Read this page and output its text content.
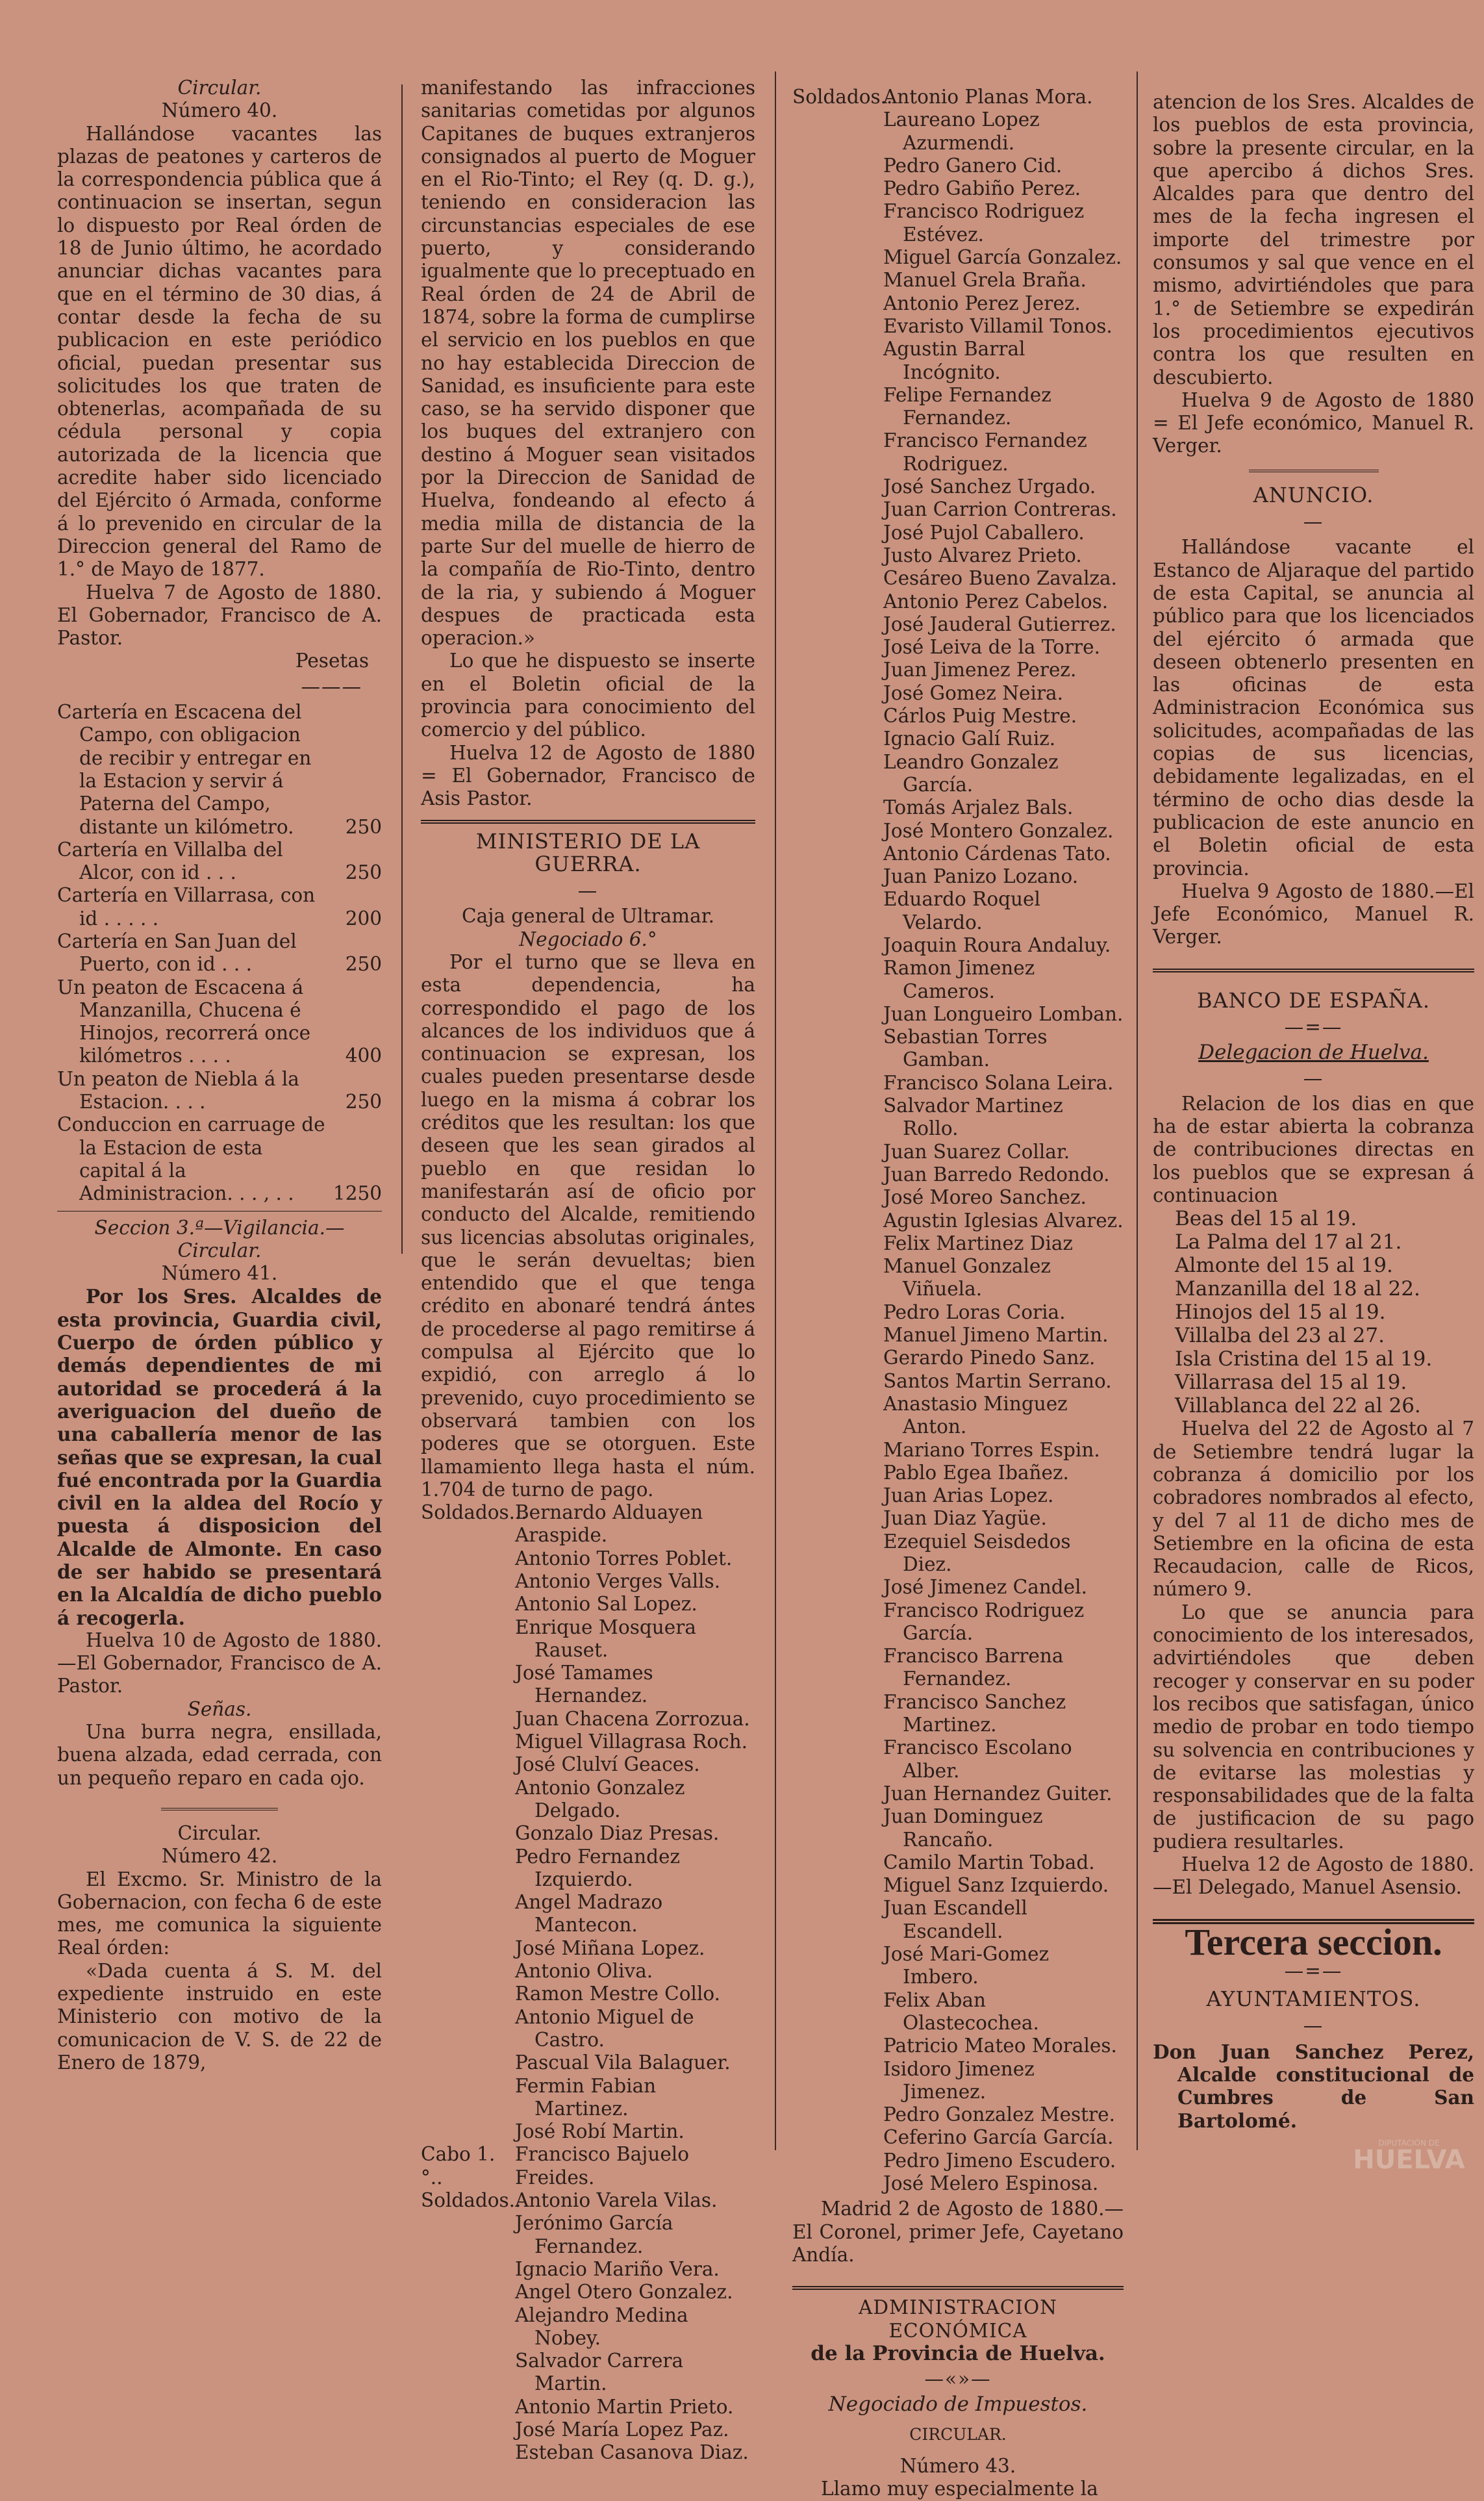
Circular.

Número 40.

Hallándose vacantes las plazas de peatones y carteros de la correspondencia pública que á continuacion se insertan, segun lo dispuesto por Real órden de 18 de Junio último, he acordado anunciar dichas vacantes para que en el término de 30 dias, á contar desde la fecha de su publicacion en este periódico oficial, puedan presentar sus solicitudes los que traten de obtenerlas, acompañada de su cédula personal y copia autorizada de la licencia que acredite haber sido licenciado del Ejército ó Armada, conforme á lo prevenido en circular de la Direccion general del Ramo de 1.° de Mayo de 1877.

Huelva 7 de Agosto de 1880. El Gobernador, Francisco de A. Pastor.

Pesetas

———
Cartería en Escacena del Campo, con obligacion de recibir y entregar en la Estacion y servir á Paterna del Campo, distante un kilómetro.	250
Cartería en Villalba del Alcor, con id . . .	250
Cartería en Villarrasa, con id . . . . .	200
Cartería en San Juan del Puerto, con id . . .	250
Un peaton de Escacena á Manzanilla, Chucena é Hinojos, recorrerá once kilómetros . . . .	400
Un peaton de Niebla á la Estacion. . . .	250
Conduccion en carruage de la Estacion de esta capital á la Administracion. . . , . .	1250

Seccion 3.ª—Vigilancia.—Circular.

Número 41.

Por los Sres. Alcaldes de esta provincia, Guardia civil, Cuerpo de órden público y demás dependientes de mi autoridad se procederá á la averiguacion del dueño de una caballería menor de las señas que se expresan, la cual fué encontrada por la Guardia civil en la aldea del Rocío y puesta á disposicion del Alcalde de Almonte. En caso de ser habido se presentará en la Alcaldía de dicho pueblo á recogerla.

Huelva 10 de Agosto de 1880. —El Gobernador, Francisco de A. Pastor.

Señas.

Una burra negra, ensillada, buena alzada, edad cerrada, con un pequeño reparo en cada ojo.

Circular.

Número 42.

El Excmo. Sr. Ministro de la Gobernacion, con fecha 6 de este mes, me comunica la siguiente Real órden:

«Dada cuenta á S. M. del expediente instruido en este Ministerio con motivo de la comunicacion de V. S. de 22 de Enero de 1879,

manifestando las infracciones sanitarias cometidas por algunos Capitanes de buques extranjeros consignados al puerto de Moguer en el Rio-Tinto; el Rey (q. D. g.), teniendo en consideracion las circunstancias especiales de ese puerto, y considerando igualmente que lo preceptuado en Real órden de 24 de Abril de 1874, sobre la forma de cumplirse el servicio en los pueblos en que no hay establecida Direccion de Sanidad, es insuficiente para este caso, se ha servido disponer que los buques del extranjero con destino á Moguer sean visitados por la Direccion de Sanidad de Huelva, fondeando al efecto á media milla de distancia de la parte Sur del muelle de hierro de la compañía de Rio-Tinto, dentro de la ria, y subiendo á Moguer despues de practicada esta operacion.»

Lo que he dispuesto se inserte en el Boletin oficial de la provincia para conocimiento del comercio y del público.

Huelva 12 de Agosto de 1880 = El Gobernador, Francisco de Asis Pastor.

MINISTERIO DE LA GUERRA.

—

Caja general de Ultramar.

Negociado 6.°

Por el turno que se lleva en esta dependencia, ha correspondido el pago de los alcances de los individuos que á continuacion se expresan, los cuales pueden presentarse desde luego en la misma á cobrar los créditos que les resultan: los que deseen que les sean girados al pueblo en que residan lo manifestarán así de oficio por conducto del Alcalde, remitiendo sus licencias absolutas originales, que le serán devueltas; bien entendido que el que tenga crédito en abonaré tendrá ántes de procederse al pago remitirse á compulsa al Ejército que lo expidió, con arreglo á lo prevenido, cuyo procedimiento se observará tambien con los poderes que se otorguen. Este llamamiento llega hasta el núm. 1.704 de turno de pago.

Soldados...
Bernardo Alduayen Araspide.
Antonio Torres Poblet.
Antonio Verges Valls.
Antonio Sal Lopez.
Enrique Mosquera Rauset.
José Tamames Hernandez.
Juan Chacena Zorrozua.
Miguel Villagrasa Roch.
José Clulví Geaces.
Antonio Gonzalez Delgado.
Gonzalo Diaz Presas.
Pedro Fernandez Izquierdo.
Angel Madrazo Mantecon.
José Miñana Lopez.
Antonio Oliva.
Ramon Mestre Collo.
Antonio Miguel de Castro.
Pascual Vila Balaguer.
Fermin Fabian Martinez.
José Robí Martin.
Cabo 1.°..
Francisco Bajuelo Freides.
Soldados..
Antonio Varela Vilas.
Jerónimo García Fernandez.
Ignacio Mariño Vera.
Angel Otero Gonzalez.
Alejandro Medina Nobey.
Salvador Carrera Martin.
Antonio Martin Prieto.
José María Lopez Paz.
Esteban Casanova Diaz.
Soldados..
Antonio Planas Mora.
Laureano Lopez Azurmendi.
Pedro Ganero Cid.
Pedro Gabiño Perez.
Francisco Rodriguez Estévez.
Miguel García Gonzalez.
Manuel Grela Braña.
Antonio Perez Jerez.
Evaristo Villamil Tonos.
Agustin Barral Incógnito.
Felipe Fernandez Fernandez.
Francisco Fernandez Rodriguez.
José Sanchez Urgado.
Juan Carrion Contreras.
José Pujol Caballero.
Justo Alvarez Prieto.
Cesáreo Bueno Zavalza.
Antonio Perez Cabelos.
José Jauderal Gutierrez.
José Leiva de la Torre.
Juan Jimenez Perez.
José Gomez Neira.
Cárlos Puig Mestre.
Ignacio Galí Ruiz.
Leandro Gonzalez García.
Tomás Arjalez Bals.
José Montero Gonzalez.
Antonio Cárdenas Tato.
Juan Panizo Lozano.
Eduardo Roquel Velardo.
Joaquin Roura Andaluy.
Ramon Jimenez Cameros.
Juan Longueiro Lomban.
Sebastian Torres Gamban.
Francisco Solana Leira.
Salvador Martinez Rollo.
Juan Suarez Collar.
Juan Barredo Redondo.
José Moreo Sanchez.
Agustin Iglesias Alvarez.
Felix Martinez Diaz
Manuel Gonzalez Viñuela.
Pedro Loras Coria.
Manuel Jimeno Martin.
Gerardo Pinedo Sanz.
Santos Martin Serrano.
Anastasio Minguez Anton.
Mariano Torres Espin.
Pablo Egea Ibañez.
Juan Arias Lopez.
Juan Diaz Yagüe.
Ezequiel Seisdedos Diez.
José Jimenez Candel.
Francisco Rodriguez García.
Francisco Barrena Fernandez.
Francisco Sanchez Martinez.
Francisco Escolano Alber.
Juan Hernandez Guiter.
Juan Dominguez Rancaño.
Camilo Martin Tobad.
Miguel Sanz Izquierdo.
Juan Escandell Escandell.
José Mari-Gomez Imbero.
Felix Aban Olastecochea.
Patricio Mateo Morales.
Isidoro Jimenez Jimenez.
Pedro Gonzalez Mestre.
Ceferino García García.
Pedro Jimeno Escudero.
José Melero Espinosa.

Madrid 2 de Agosto de 1880.—El Coronel, primer Jefe, Cayetano Andía.

ADMINISTRACION ECONÓMICA

de la Provincia de Huelva.

—«»—

Negociado de Impuestos.

CIRCULAR.

Número 43.

Llamo muy especialmente la

atencion de los Sres. Alcaldes de los pueblos de esta provincia, sobre la presente circular, en la que apercibo á dichos Sres. Alcaldes para que dentro del mes de la fecha ingresen el importe del trimestre por consumos y sal que vence en el mismo, advirtiéndoles que para 1.° de Setiembre se expedirán los procedimientos ejecutivos contra los que resulten en descubierto.

Huelva 9 de Agosto de 1880 = El Jefe económico, Manuel R. Verger.

ANUNCIO.

—

Hallándose vacante el Estanco de Aljaraque del partido de esta Capital, se anuncia al público para que los licenciados del ejército ó armada que deseen obtenerlo presenten en las oficinas de esta Administracion Económica sus solicitudes, acompañadas de las copias de sus licencias, debidamente legalizadas, en el término de ocho dias desde la publicacion de este anuncio en el Boletin oficial de esta provincia.

Huelva 9 Agosto de 1880.—El Jefe Económico, Manuel R. Verger.

BANCO DE ESPAÑA.

—=—

Delegacion de Huelva.

—

Relacion de los dias en que ha de estar abierta la cobranza de contribuciones directas en los pueblos que se expresan á continuacion

Beas del 15 al 19.
La Palma del 17 al 21.
Almonte del 15 al 19.
Manzanilla del 18 al 22.
Hinojos del 15 al 19.
Villalba del 23 al 27.
Isla Cristina del 15 al 19.
Villarrasa del 15 al 19.
Villablanca del 22 al 26.

Huelva del 22 de Agosto al 7 de Setiembre tendrá lugar la cobranza á domicilio por los cobradores nombrados al efecto, y del 7 al 11 de dicho mes de Setiembre en la oficina de esta Recaudacion, calle de Ricos, número 9.

Lo que se anuncia para conocimiento de los interesados, advirtiéndoles que deben recoger y conservar en su poder los recibos que satisfagan, único medio de probar en todo tiempo su solvencia en contribuciones y de evitarse las molestias y responsabilidades que de la falta de justificacion de su pago pudiera resultarles.

Huelva 12 de Agosto de 1880. —El Delegado, Manuel Asensio.

Tercera seccion.

—=—

AYUNTAMIENTOS.

—

Don Juan Sanchez Perez, Alcalde constitucional de Cumbres de San Bartolomé.

DIPUTACIÓN DE
HUELVA
